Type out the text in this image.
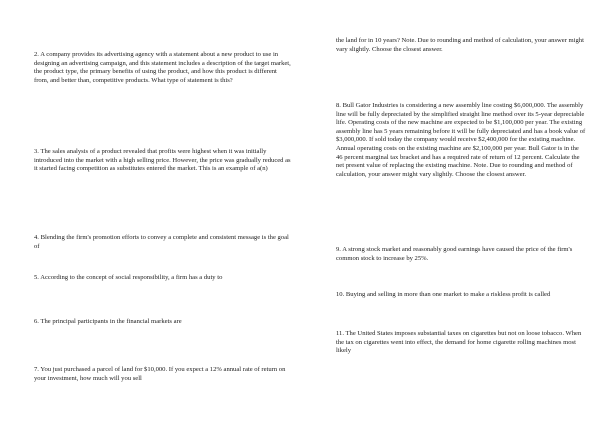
2. A company provides its advertising agency with a statement about a new product to use in designing an advertising campaign, and this statement includes a description of the target market, the product type, the primary benefits of using the product, and how this product is different from, and better than, competitive products. What type of statement is this?

3. The sales analysis of a product revealed that profits were highest when it was initially introduced into the market with a high selling price. However, the price was gradually reduced as it started facing competition as substitutes entered the market. This is an example of a(n)

4. Blending the firm's promotion efforts to convey a complete and consistent message is the goal of

5. According to the concept of social responsibility, a firm has a duty to

6. The principal participants in the financial markets are

7. You just purchased a parcel of land for $10,000. If you expect a 12% annual rate of return on your investment, how much will you sell

the land for in 10 years? Note. Due to rounding and method of calculation, your answer might vary slightly. Choose the closest answer.

8. Bull Gator Industries is considering a new assembly line costing $6,000,000. The assembly line will be fully depreciated by the simplified straight line method over its 5-year depreciable life. Operating costs of the new machine are expected to be $1,100,000 per year. The existing assembly line has 5 years remaining before it will be fully depreciated and has a book value of $3,000,000. If sold today the company would receive $2,400,000 for the existing machine. Annual operating costs on the existing machine are $2,100,000 per year. Bull Gator is in the 46 percent marginal tax bracket and has a required rate of return of 12 percent. Calculate the net present value of replacing the existing machine. Note. Due to rounding and method of calculation, your answer might vary slightly. Choose the closest answer.

9. A strong stock market and reasonably good earnings have caused the price of the firm's common stock to increase by 25%.

10. Buying and selling in more than one market to make a riskless profit is called

11. The United States imposes substantial taxes on cigarettes but not on loose tobacco. When the tax on cigarettes went into effect, the demand for home cigarette rolling machines most likely
